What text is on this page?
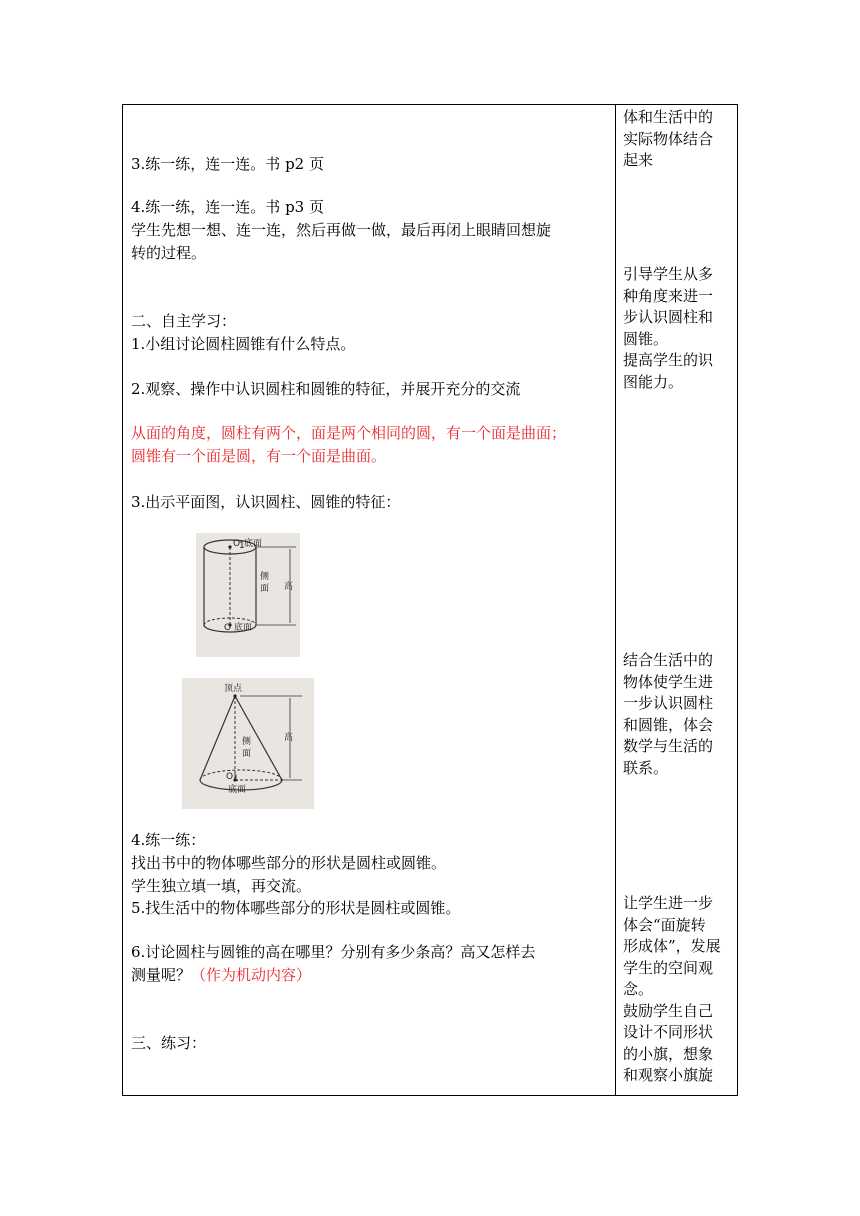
3.练一练，连一连。书 p2 页
4.练一练，连一连。书 p3 页
学生先想一想、连一连，然后再做一做，最后再闭上眼睛回想旋
转的过程。
二、自主学习：
1.小组讨论圆柱圆锥有什么特点。
2.观察、操作中认识圆柱和圆锥的特征，并展开充分的交流
从面的角度，圆柱有两个，面是两个相同的圆，有一个面是曲面；
圆锥有一个面是圆，有一个面是曲面。
3.出示平面图，认识圆柱、圆锥的特征：
O
1 底面
侧
面 高
O 底面
顶点
侧
面
高
O 1
底面
4.练一练：
找出书中的物体哪些部分的形状是圆柱或圆锥。
学生独立填一填，再交流。
5.找生活中的物体哪些部分的形状是圆柱或圆锥。
6.讨论圆柱与圆锥的高在哪里？分别有多少条高？高又怎样去
测量呢？（作为机动内容）
三、练习：
体和生活中的
实际物体结合
起来
引导学生从多
种角度来进一
步认识圆柱和
圆锥。
提高学生的识
图能力。
结合生活中的
物体使学生进
一步认识圆柱
和圆锥，体会
数学与生活的
联系。
让学生进一步
体会“面旋转
形成体”，发展
学生的空间观
念。
鼓励学生自己
设计不同形状
的小旗，想象
和观察小旗旋
